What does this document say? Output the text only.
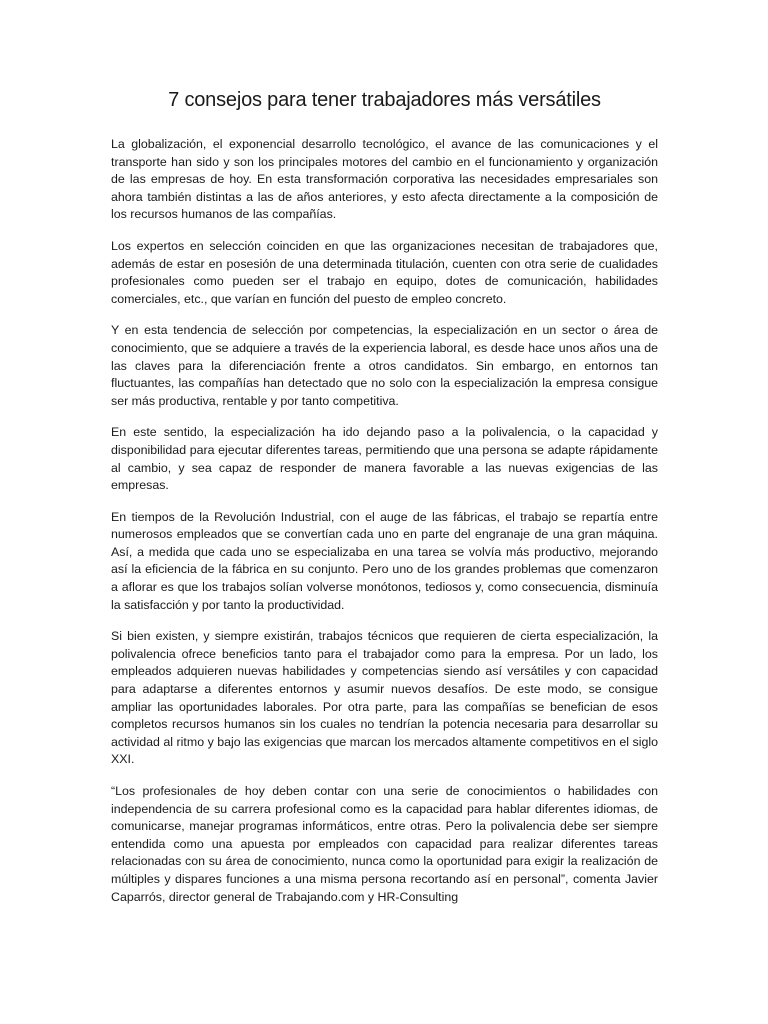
7 consejos para tener trabajadores más versátiles

La globalización, el exponencial desarrollo tecnológico, el avance de las comunicaciones y el transporte han sido y son los principales motores del cambio en el funcionamiento y organización de las empresas de hoy. En esta transformación corporativa las necesidades empresariales son ahora también distintas a las de años anteriores, y esto afecta directamente a la composición de los recursos humanos de las compañías.

Los expertos en selección coinciden en que las organizaciones necesitan de trabajadores que, además de estar en posesión de una determinada titulación, cuenten con otra serie de cualidades profesionales como pueden ser el trabajo en equipo, dotes de comunicación, habilidades comerciales, etc., que varían en función del puesto de empleo concreto.

Y en esta tendencia de selección por competencias, la especialización en un sector o área de conocimiento, que se adquiere a través de la experiencia laboral, es desde hace unos años una de las claves para la diferenciación frente a otros candidatos. Sin embargo, en entornos tan fluctuantes, las compañías han detectado que no solo con la especialización la empresa consigue ser más productiva, rentable y por tanto competitiva.

En este sentido, la especialización ha ido dejando paso a la polivalencia, o la capacidad y disponibilidad para ejecutar diferentes tareas, permitiendo que una persona se adapte rápidamente al cambio, y sea capaz de responder de manera favorable a las nuevas exigencias de las empresas.

En tiempos de la Revolución Industrial, con el auge de las fábricas, el trabajo se repartía entre numerosos empleados que se convertían cada uno en parte del engranaje de una gran máquina. Así, a medida que cada uno se especializaba en una tarea se volvía más productivo, mejorando así la eficiencia de la fábrica en su conjunto. Pero uno de los grandes problemas que comenzaron a aflorar es que los trabajos solían volverse monótonos, tediosos y, como consecuencia, disminuía la satisfacción y por tanto la productividad.

Si bien existen, y siempre existirán, trabajos técnicos que requieren de cierta especialización, la polivalencia ofrece beneficios tanto para el trabajador como para la empresa. Por un lado, los empleados adquieren nuevas habilidades y competencias siendo así versátiles y con capacidad para adaptarse a diferentes entornos y asumir nuevos desafíos. De este modo, se consigue ampliar las oportunidades laborales. Por otra parte, para las compañías se benefician de esos completos recursos humanos sin los cuales no tendrían la potencia necesaria para desarrollar su actividad al ritmo y bajo las exigencias que marcan los mercados altamente competitivos en el siglo XXI.

“Los profesionales de hoy deben contar con una serie de conocimientos o habilidades con independencia de su carrera profesional como es la capacidad para hablar diferentes idiomas, de comunicarse, manejar programas informáticos, entre otras. Pero la polivalencia debe ser siempre entendida como una apuesta por empleados con capacidad para realizar diferentes tareas relacionadas con su área de conocimiento, nunca como la oportunidad para exigir la realización de múltiples y dispares funciones a una misma persona recortando así en personal”, comenta Javier Caparrós, director general de Trabajando.com y HR-Consulting
